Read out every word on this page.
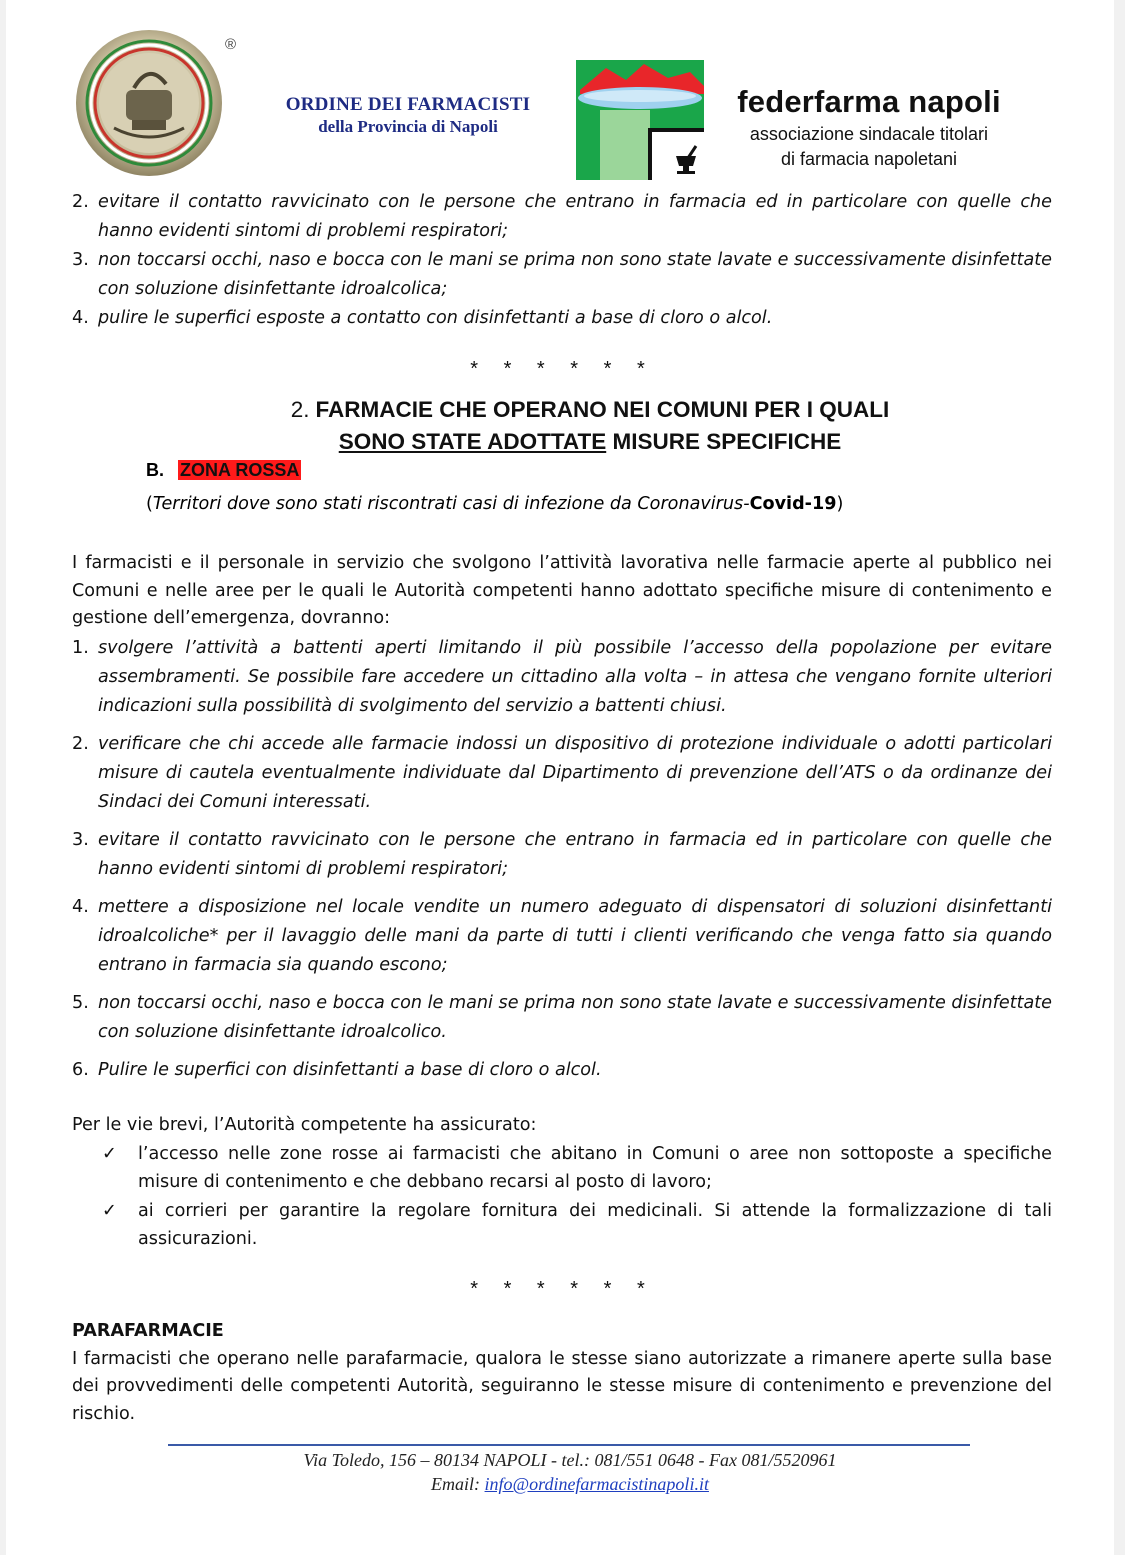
®
ORDINE DEI FARMACISTI
della Provincia di Napoli
federfarma napoli
associazione sindacale titolari
di farmacia napoletani
2. evitare il contatto ravvicinato con le persone che entrano in farmacia ed in particolare con quelle che hanno evidenti sintomi di problemi respiratori;
3. non toccarsi occhi, naso e bocca con le mani se prima non sono state lavate e successivamente disinfettate con soluzione disinfettante idroalcolica;
4. pulire le superfici esposte a contatto con disinfettanti a base di cloro o alcol.
* * * * * *
2. FARMACIE CHE OPERANO NEI COMUNI PER I QUALI
SONO STATE ADOTTATE MISURE SPECIFICHE
B. ZONA ROSSA
(Territori dove sono stati riscontrati casi di infezione da Coronavirus-Covid-19)
I farmacisti e il personale in servizio che svolgono l’attività lavorativa nelle farmacie aperte al pubblico nei Comuni e nelle aree per le quali le Autorità competenti hanno adottato specifiche misure di contenimento e gestione dell’emergenza, dovranno:
1. svolgere l’attività a battenti aperti limitando il più possibile l’accesso della popolazione per evitare assembramenti. Se possibile fare accedere un cittadino alla volta – in attesa che vengano fornite ulteriori indicazioni sulla possibilità di svolgimento del servizio a battenti chiusi.
2. verificare che chi accede alle farmacie indossi un dispositivo di protezione individuale o adotti particolari misure di cautela eventualmente individuate dal Dipartimento di prevenzione dell’ATS o da ordinanze dei Sindaci dei Comuni interessati.
3. evitare il contatto ravvicinato con le persone che entrano in farmacia ed in particolare con quelle che hanno evidenti sintomi di problemi respiratori;
4. mettere a disposizione nel locale vendite un numero adeguato di dispensatori di soluzioni disinfettanti idroalcoliche* per il lavaggio delle mani da parte di tutti i clienti verificando che venga fatto sia quando entrano in farmacia sia quando escono;
5. non toccarsi occhi, naso e bocca con le mani se prima non sono state lavate e successivamente disinfettate con soluzione disinfettante idroalcolico.
6. Pulire le superfici con disinfettanti a base di cloro o alcol.
Per le vie brevi, l’Autorità competente ha assicurato:
✓ l’accesso nelle zone rosse ai farmacisti che abitano in Comuni o aree non sottoposte a specifiche misure di contenimento e che debbano recarsi al posto di lavoro;
✓ ai corrieri per garantire la regolare fornitura dei medicinali. Si attende la formalizzazione di tali assicurazioni.
* * * * * *
PARAFARMACIE
I farmacisti che operano nelle parafarmacie, qualora le stesse siano autorizzate a rimanere aperte sulla base dei provvedimenti delle competenti Autorità, seguiranno le stesse misure di contenimento e prevenzione del rischio.
Via Toledo, 156 – 80134 NAPOLI - tel.: 081/551 0648 - Fax 081/5520961
Email: info@ordinefarmacistinapoli.it
